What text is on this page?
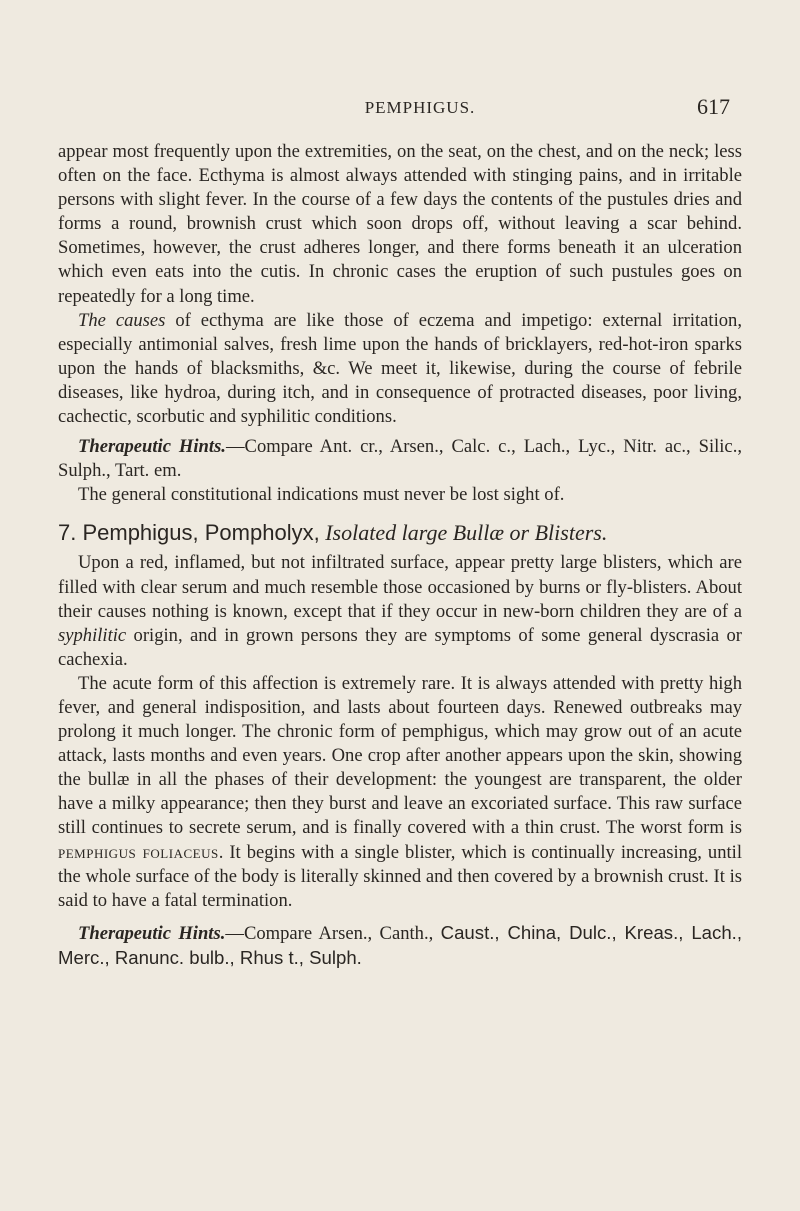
PEMPHIGUS.	617

appear most frequently upon the extremities, on the seat, on the chest, and on the neck; less often on the face. Ecthyma is almost always attended with stinging pains, and in irritable persons with slight fever. In the course of a few days the contents of the pustules dries and forms a round, brownish crust which soon drops off, without leaving a scar behind. Sometimes, however, the crust adheres longer, and there forms beneath it an ulceration which even eats into the cutis. In chronic cases the eruption of such pustules goes on repeatedly for a long time.

The causes of ecthyma are like those of eczema and impetigo: external irritation, especially antimonial salves, fresh lime upon the hands of bricklayers, red-hot-iron sparks upon the hands of blacksmiths, &c. We meet it, likewise, during the course of febrile diseases, like hydroa, during itch, and in consequence of protracted diseases, poor living, cachectic, scorbutic and syphilitic conditions.

Therapeutic Hints.—Compare Ant. cr., Arsen., Calc. c., Lach., Lyc., Nitr. ac., Silic., Sulph., Tart. em.

The general constitutional indications must never be lost sight of.

7. Pemphigus, Pompholyx, Isolated large Bullæ or Blisters.

Upon a red, inflamed, but not infiltrated surface, appear pretty large blisters, which are filled with clear serum and much resemble those occasioned by burns or fly-blisters. About their causes nothing is known, except that if they occur in new-born children they are of a syphilitic origin, and in grown persons they are symptoms of some general dyscrasia or cachexia.

The acute form of this affection is extremely rare. It is always attended with pretty high fever, and general indisposition, and lasts about fourteen days. Renewed outbreaks may prolong it much longer. The chronic form of pemphigus, which may grow out of an acute attack, lasts months and even years. One crop after another appears upon the skin, showing the bullæ in all the phases of their development: the youngest are transparent, the older have a milky appearance; then they burst and leave an excoriated surface. This raw surface still continues to secrete serum, and is finally covered with a thin crust. The worst form is pemphigus foliaceus. It begins with a single blister, which is continually increasing, until the whole surface of the body is literally skinned and then covered by a brownish crust. It is said to have a fatal termination.

Therapeutic Hints.—Compare Arsen., Canth., Caust., China, Dulc., Kreas., Lach., Merc., Ranunc. bulb., Rhus t., Sulph.
